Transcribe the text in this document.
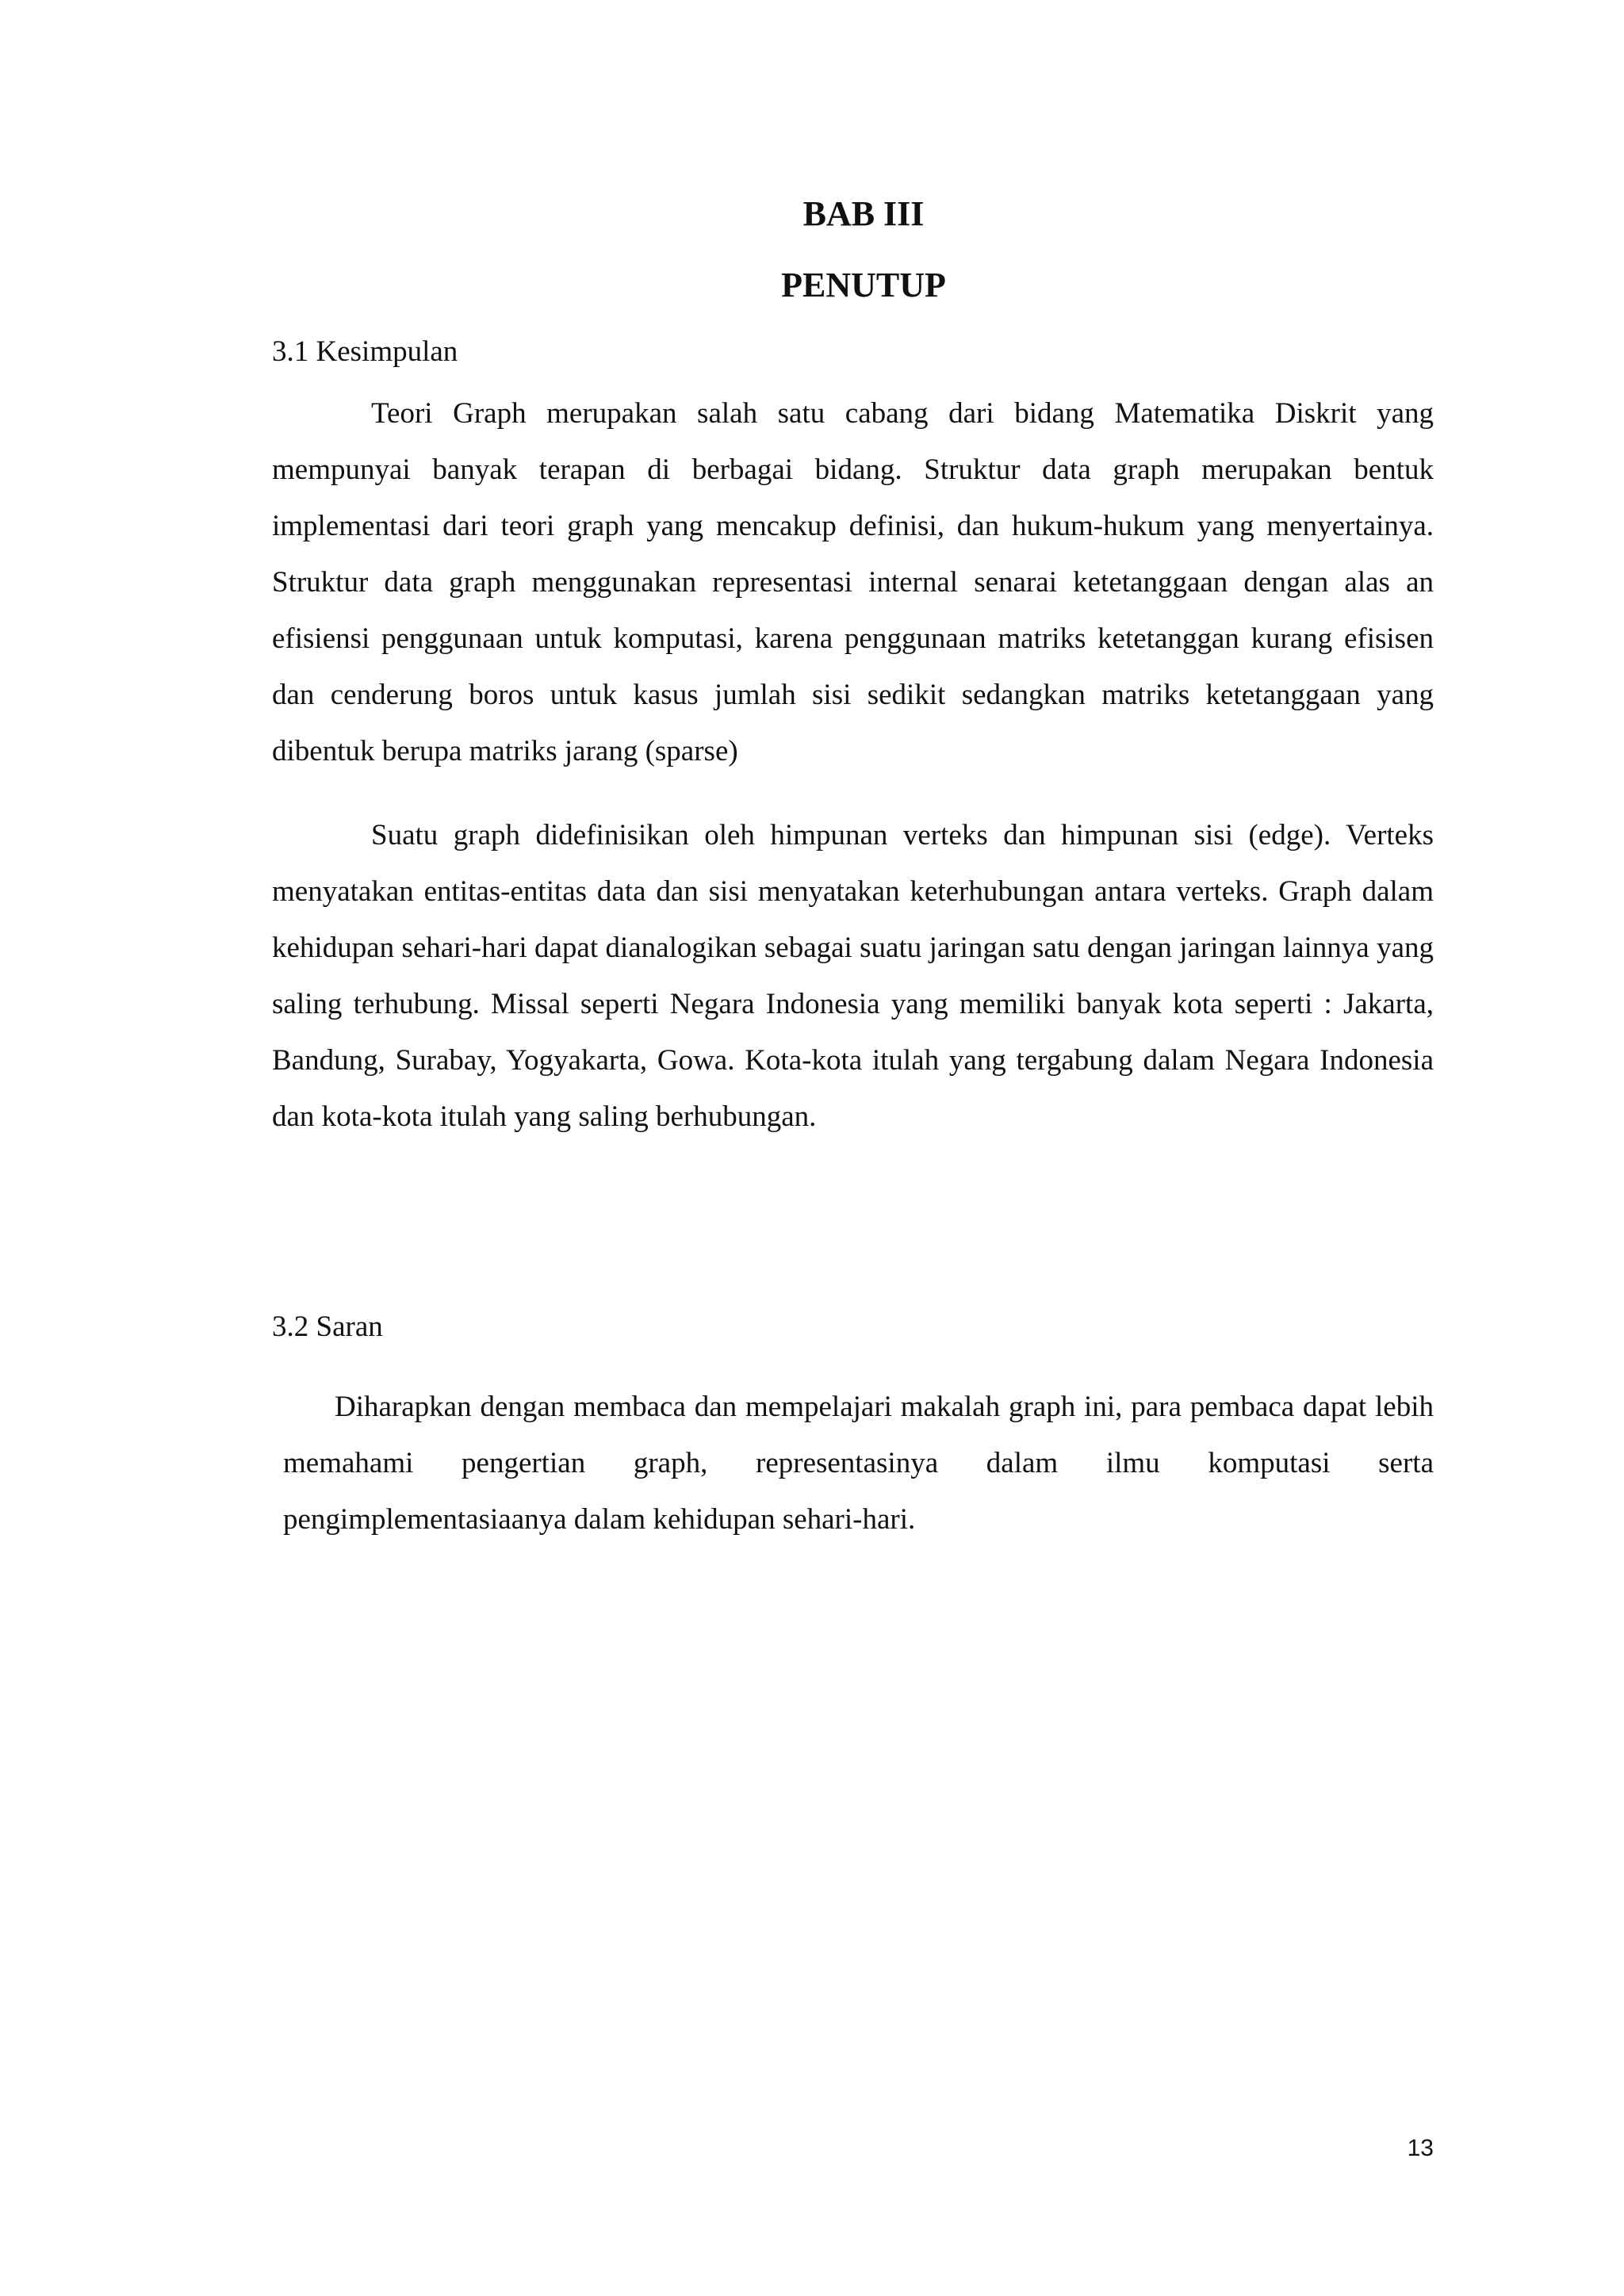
BAB III
PENUTUP
3.1 Kesimpulan

Teori Graph merupakan salah satu cabang dari bidang Matematika Diskrit yang mempunyai banyak terapan di berbagai bidang. Struktur data graph merupakan bentuk implementasi dari teori graph yang mencakup definisi, dan hukum-hukum yang menyertainya. Struktur data graph menggunakan representasi internal senarai ketetanggaan dengan alas an efisiensi penggunaan untuk komputasi, karena penggunaan matriks ketetanggan kurang efisisen dan cenderung boros untuk kasus jumlah sisi sedikit sedangkan matriks ketetanggaan yang dibentuk berupa matriks jarang (sparse)

Suatu graph didefinisikan oleh himpunan verteks dan himpunan sisi (edge). Verteks menyatakan entitas-entitas data dan sisi menyatakan keterhubungan antara verteks. Graph dalam kehidupan sehari-hari dapat dianalogikan sebagai suatu jaringan satu dengan jaringan lainnya yang saling terhubung. Missal seperti Negara Indonesia yang memiliki banyak kota seperti : Jakarta, Bandung, Surabay, Yogyakarta, Gowa. Kota-kota itulah yang tergabung dalam Negara Indonesia dan kota-kota itulah yang saling berhubungan.

3.2 Saran

Diharapkan dengan membaca dan mempelajari makalah graph ini, para pembaca dapat lebih memahami pengertian graph, representasinya dalam ilmu komputasi serta pengimplementasiaanya dalam kehidupan sehari-hari.

13
